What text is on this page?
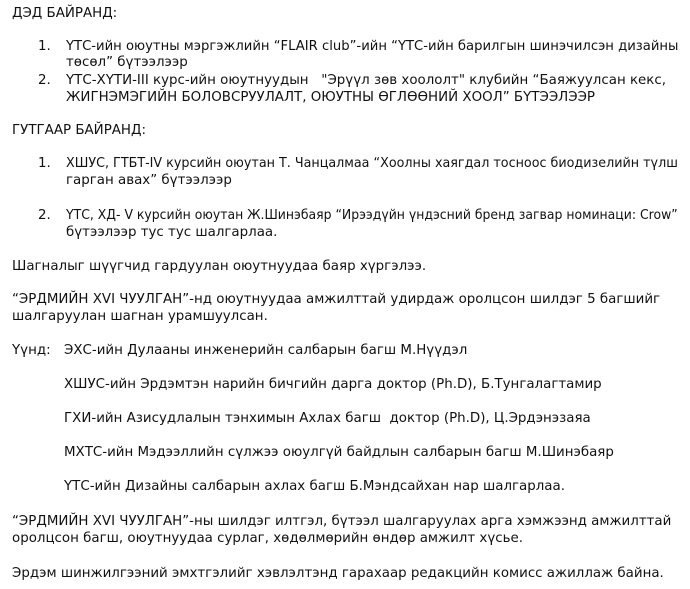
ДЭД БАЙРАНД:
1. ҮТС-ийн оюутны мэргэжлийн “FLAIR club”-ийн “ҮТС-ийн барилгын шинэчилсэн дизайны
төсөл” бүтээлээр
2. ҮТС-ХҮТИ-III курс-ийн оюутнуудын   "Эрүүл зөв хоололт" клубийн “Баяжуулсан кекс,
ЖИГНЭМЭГИЙН БОЛОВСРУУЛАЛТ, ОЮУТНЫ ӨГЛӨӨНИЙ ХООЛ” БҮТЭЭЛЭЭР
ГУТГААР БАЙРАНД:
1. ХШУС, ГТБТ-IV курсийн оюутан Т. Чанцалмаа “Хоолны хаягдал тосноос биодизелийн түлш
гарган авах” бүтээлээр
2. ҮТС, ХД- V курсийн оюутан Ж.Шинэбаяр “Ирээдүйн үндэсний бренд загвар номинаци: Crow”
бүтээлээр тус тус шалгарлаа.
Шагналыг шүүгчид гардуулан оюутнуудаа баяр хүргэлээ.
“ЭРДМИЙН XVI ЧУУЛГАН”-нд оюутнуудаа амжилттай удирдаж оролцсон шилдэг 5 багшийг
шалгаруулан шагнан урамшуулсан.
Үүнд: ЭХС-ийн Дулааны инженерийн салбарын багш М.Нүүдэл
ХШУС-ийн Эрдэмтэн нарийн бичгийн дарга доктор (Ph.D), Б.Тунгалагтамир
ГХИ-ийн Азисудлалын тэнхимын Ахлах багш  доктор (Ph.D), Ц.Эрдэнэзаяа
МХТС-ийн Мэдээллийн сүлжээ оюулгүй байдлын салбарын багш М.Шинэбаяр
ҮТС-ийн Дизайны салбарын ахлах багш Б.Мэндсайхан нар шалгарлаа.
“ЭРДМИЙН XVI ЧУУЛГАН”-ны шилдэг илтгэл, бүтээл шалгаруулах арга хэмжээнд амжилттай
оролцсон багш, оюутнуудаа сурлаг, хөдөлмөрийн өндөр амжилт хүсье.
Эрдэм шинжилгээний эмхтгэлийг хэвлэлтэнд гарахаар редакцийн комисс ажиллаж байна.
